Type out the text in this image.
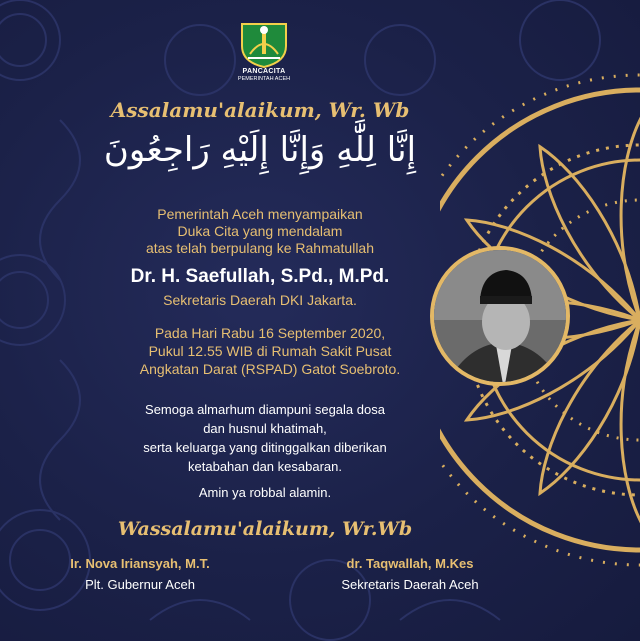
PANCACITA
PEMERINTAH ACEH
Assalamu'alaikum, Wr. Wb
إِنَّا لِلَّٰهِ وَإِنَّا إِلَيْهِ رَاجِعُونَ
Pemerintah Aceh menyampaikan
Duka Cita yang mendalam
atas telah berpulang ke Rahmatullah
Dr. H. Saefullah, S.Pd., M.Pd.
Sekretaris Daerah DKI Jakarta.
Pada Hari Rabu 16 September 2020,
Pukul 12.55 WIB di Rumah Sakit Pusat
Angkatan Darat (RSPAD) Gatot Soebroto.
Semoga almarhum diampuni segala dosa
dan husnul khatimah,
serta keluarga yang ditinggalkan diberikan
ketabahan dan kesabaran.
Amin ya robbal alamin.
Wassalamu'alaikum, Wr.Wb
Ir. Nova Iriansyah, M.T.
Plt. Gubernur Aceh
dr. Taqwallah, M.Kes
Sekretaris Daerah Aceh
